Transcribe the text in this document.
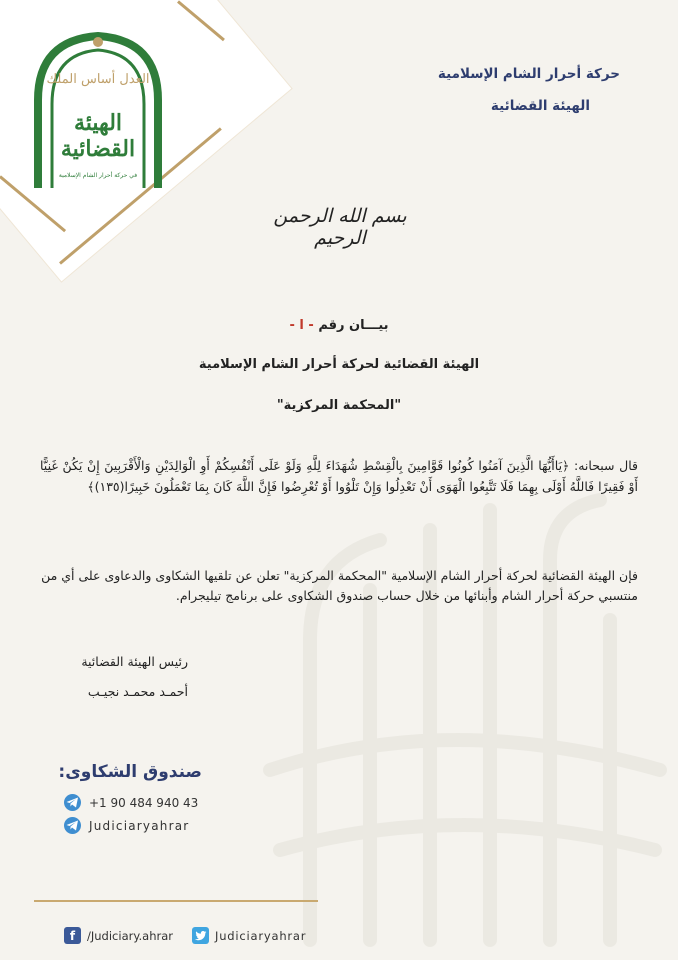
العدل أساس الملك
الهيئة القضائية
في حركة أحرار الشام الإسلامية
حركة أحرار الشام الإسلامية
الهيئة القضائية
بسم الله الرحمن الرحيم
بيـــان رقم - ا -
الهيئة القضائية لحركة أحرار الشام الإسلامية
"المحكمة المركزية"
قال سبحانه: ﴿يَاأَيُّهَا الَّذِينَ آمَنُوا كُونُوا قَوَّامِينَ بِالْقِسْطِ شُهَدَاءَ لِلَّهِ وَلَوْ عَلَى أَنْفُسِكُمْ أَوِ الْوَالِدَيْنِ وَالْأَقْرَبِينَ إِنْ يَكُنْ غَنِيًّا أَوْ فَقِيرًا فَاللَّهُ أَوْلَى بِهِمَا فَلَا تَتَّبِعُوا الْهَوَى أَنْ تَعْدِلُوا وَإِنْ تَلْوُوا أَوْ تُعْرِضُوا فَإِنَّ اللَّهَ كَانَ بِمَا تَعْمَلُونَ خَبِيرًا(١٣٥)﴾
فإن الهيئة القضائية لحركة أحرار الشام الإسلامية "المحكمة المركزية" تعلن عن تلقيها الشكاوى والدعاوى على أي من منتسبي حركة أحرار الشام وأبنائها من خلال حساب صندوق الشكاوى على برنامج تيليجرام.
رئيس الهيئة القضائية
أحمـد محمـد نجيـب
صندوق الشكاوى:
+1 90 484 940 43
Judiciaryahrar
f	/Judiciary.ahrar	Judiciaryahrar
